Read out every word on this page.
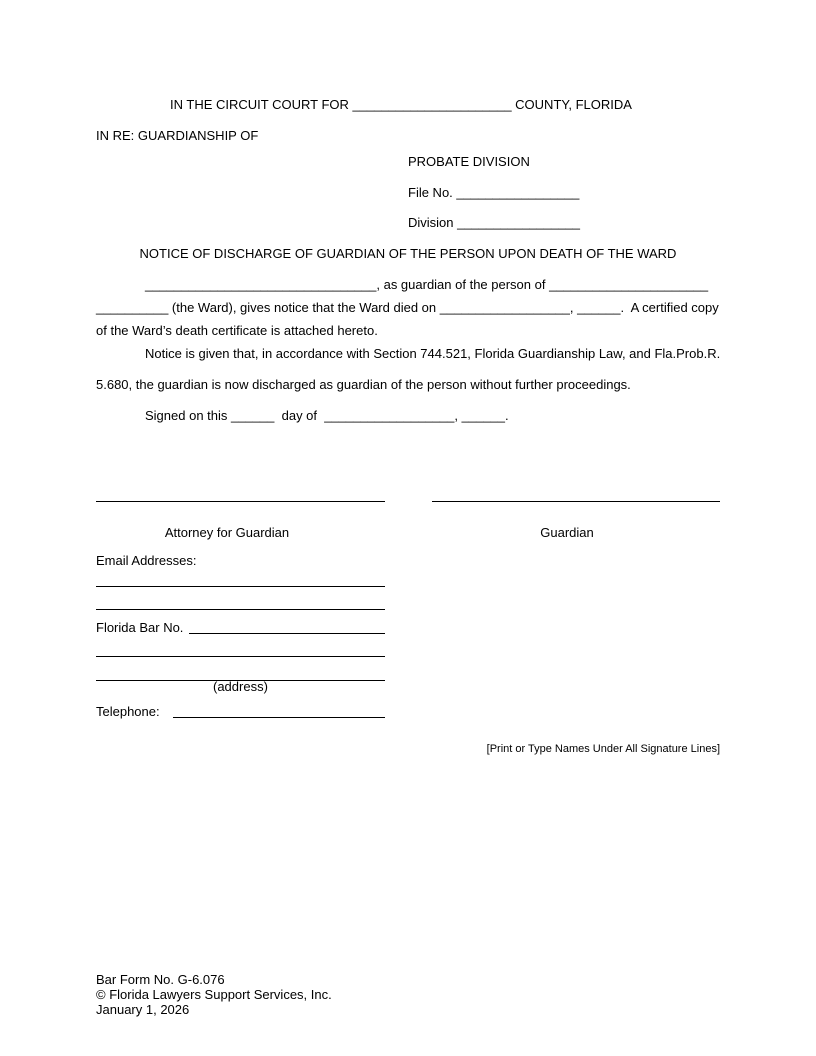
IN THE CIRCUIT COURT FOR ______________________ COUNTY, FLORIDA
IN RE: GUARDIANSHIP OF
PROBATE DIVISION
File No. _________________
Division _________________
NOTICE OF DISCHARGE OF GUARDIAN OF THE PERSON UPON DEATH OF THE WARD
________________________________, as guardian of the person of ______________________
__________ (the Ward), gives notice that the Ward died on __________________, ______.  A certified copy
of the Ward’s death certificate is attached hereto.
Notice is given that, in accordance with Section 744.521, Florida Guardianship Law, and Fla.Prob.R.
5.680, the guardian is now discharged as guardian of the person without further proceedings.
Signed on this ______  day of  __________________, ______.
Attorney for Guardian	Guardian
Email Addresses:
Florida Bar No.
(address)
Telephone:
[Print or Type Names Under All Signature Lines]
Bar Form No. G-6.076
© Florida Lawyers Support Services, Inc.
January 1, 2026
